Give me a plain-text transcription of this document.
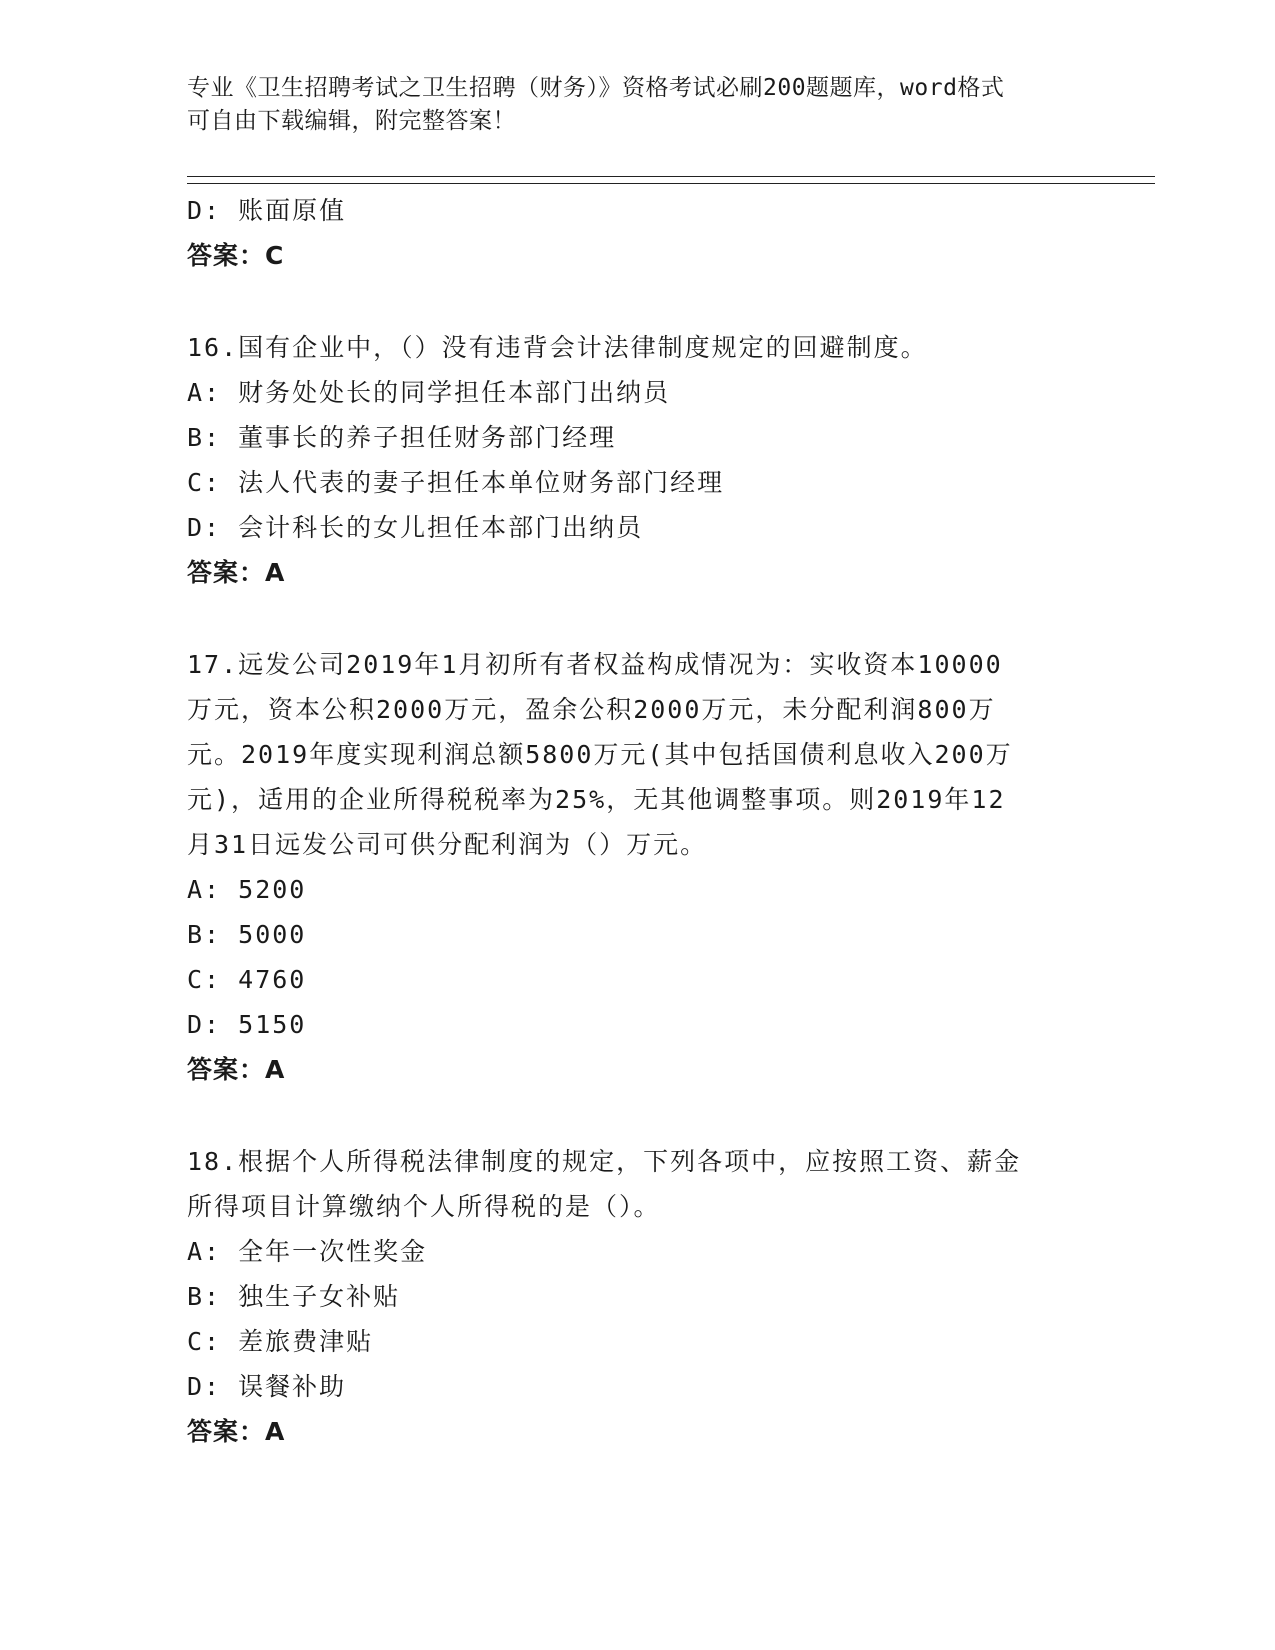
专业《卫生招聘考试之卫生招聘（财务）》资格考试必刷200题题库，word格式
可自由下载编辑，附完整答案！
D: 账面原值
答案：C
16.国有企业中，（）没有违背会计法律制度规定的回避制度。
A: 财务处处长的同学担任本部门出纳员
B: 董事长的养子担任财务部门经理
C: 法人代表的妻子担任本单位财务部门经理
D: 会计科长的女儿担任本部门出纳员
答案：A
17.远发公司2019年1月初所有者权益构成情况为：实收资本10000
万元，资本公积2000万元，盈余公积2000万元，未分配利润800万
元。2019年度实现利润总额5800万元(其中包括国债利息收入200万
元)，适用的企业所得税税率为25%，无其他调整事项。则2019年12
月31日远发公司可供分配利润为（）万元。
A: 5200
B: 5000
C: 4760
D: 5150
答案：A
18.根据个人所得税法律制度的规定，下列各项中，应按照工资、薪金
所得项目计算缴纳个人所得税的是（）。
A: 全年一次性奖金
B: 独生子女补贴
C: 差旅费津贴
D: 误餐补助
答案：A
